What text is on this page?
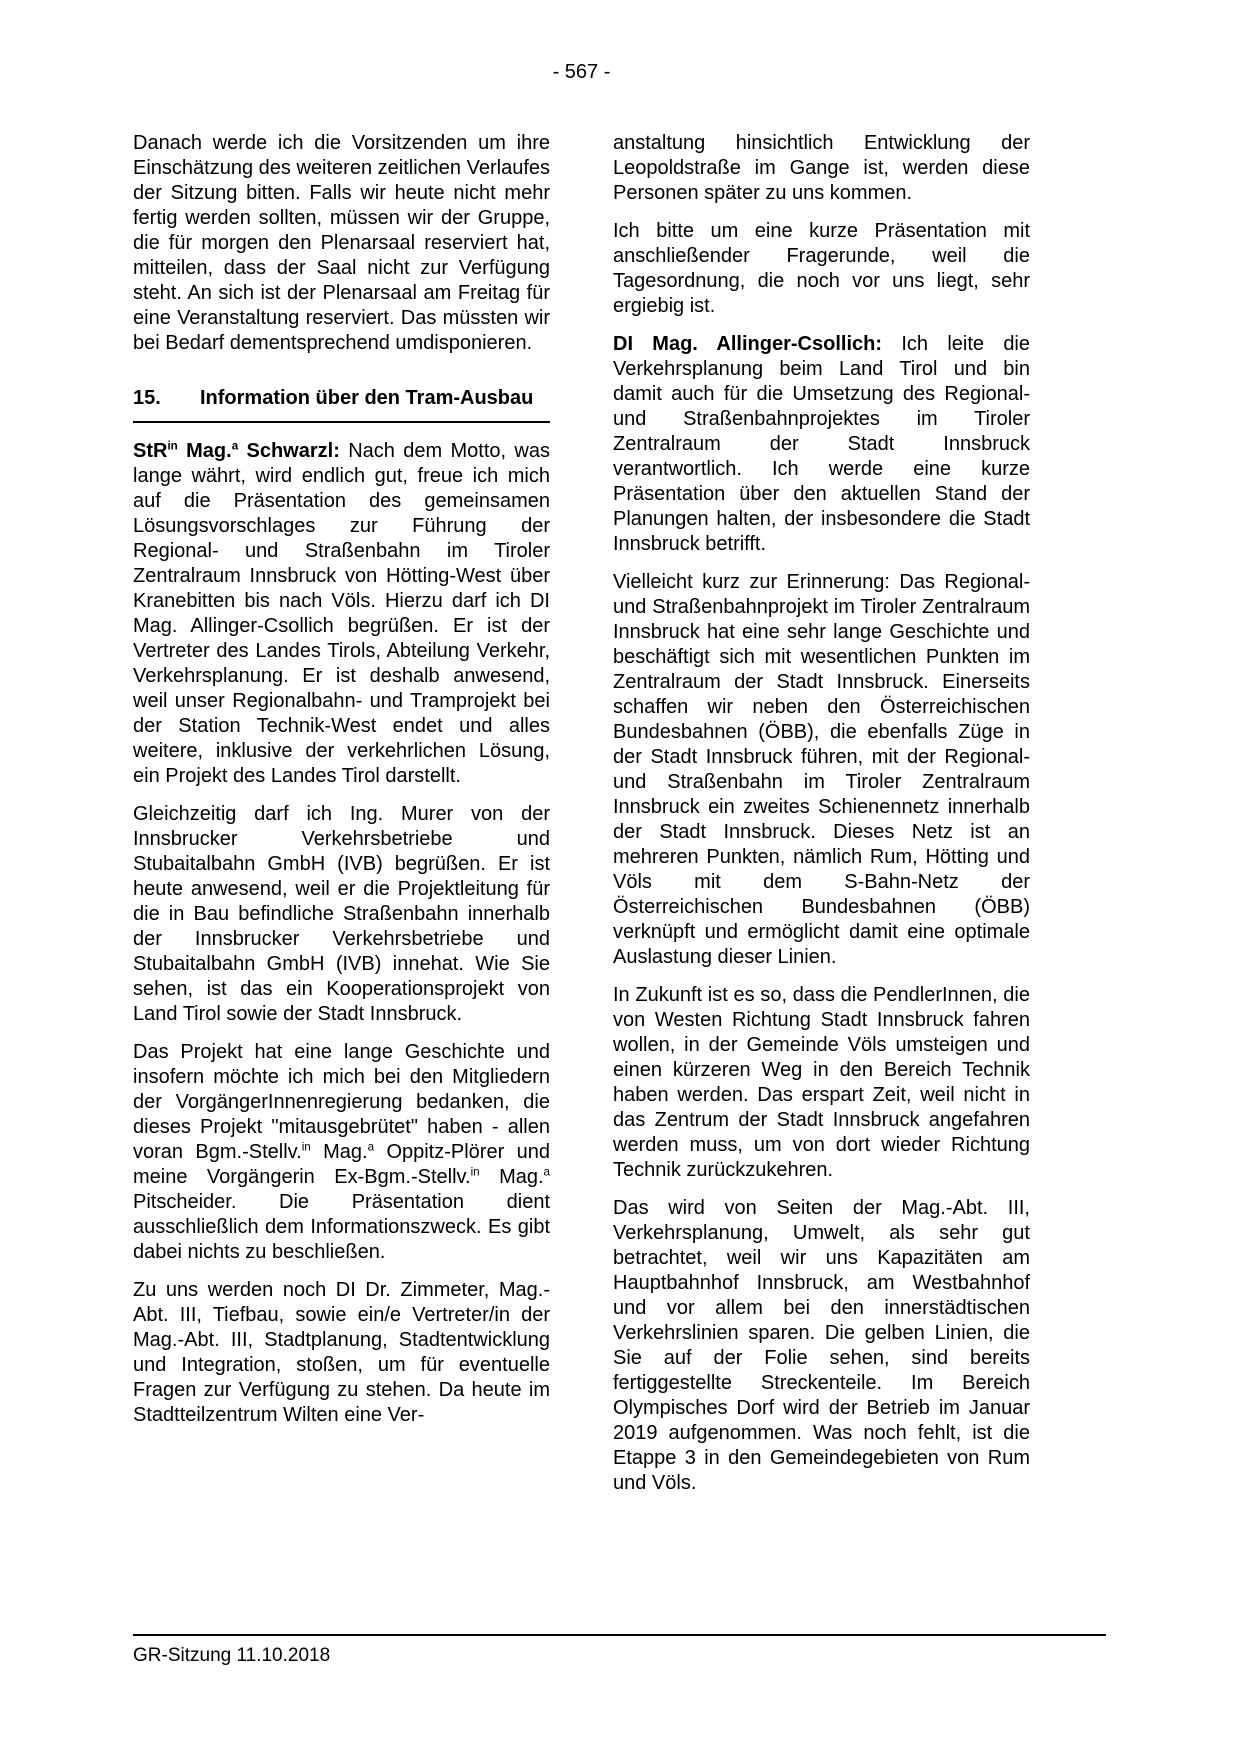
- 567 -

Danach werde ich die Vorsitzenden um ihre Einschätzung des weiteren zeitlichen Verlaufes der Sitzung bitten. Falls wir heute nicht mehr fertig werden sollten, müssen wir der Gruppe, die für morgen den Plenarsaal reserviert hat, mitteilen, dass der Saal nicht zur Verfügung steht. An sich ist der Plenarsaal am Freitag für eine Veranstaltung reserviert. Das müssten wir bei Bedarf dementsprechend umdisponieren.

15.	Information über den Tram-Ausbau

StR$^{in}$ Mag.$^a$ Schwarzl: Nach dem Motto, was lange währt, wird endlich gut, freue ich mich auf die Präsentation des gemeinsamen Lösungsvorschlages zur Führung der Regional- und Straßenbahn im Tiroler Zentralraum Innsbruck von Hötting-West über Kranebitten bis nach Völs. Hierzu darf ich DI Mag. Allinger-Csollich begrüßen. Er ist der Vertreter des Landes Tirols, Abteilung Verkehr, Verkehrsplanung. Er ist deshalb anwesend, weil unser Regionalbahn- und Tramprojekt bei der Station Technik-West endet und alles weitere, inklusive der verkehrlichen Lösung, ein Projekt des Landes Tirol darstellt.

Gleichzeitig darf ich Ing. Murer von der Innsbrucker Verkehrsbetriebe und Stubaitalbahn GmbH (IVB) begrüßen. Er ist heute anwesend, weil er die Projektleitung für die in Bau befindliche Straßenbahn innerhalb der Innsbrucker Verkehrsbetriebe und Stubaitalbahn GmbH (IVB) innehat. Wie Sie sehen, ist das ein Kooperationsprojekt von Land Tirol sowie der Stadt Innsbruck.

Das Projekt hat eine lange Geschichte und insofern möchte ich mich bei den Mitgliedern der VorgängerInnenregierung bedanken, die dieses Projekt "mitausgebrütet" haben - allen voran Bgm.-Stellv.$^{in}$ Mag.$^a$ Oppitz-Plörer und meine Vorgängerin Ex-Bgm.-Stellv.$^{in}$ Mag.$^a$ Pitscheider. Die Präsentation dient ausschließlich dem Informationszweck. Es gibt dabei nichts zu beschließen.

Zu uns werden noch DI Dr. Zimmeter, Mag.-Abt. III, Tiefbau, sowie ein/e Vertreter/in der Mag.-Abt. III, Stadtplanung, Stadtentwicklung und Integration, stoßen, um für eventuelle Fragen zur Verfügung zu stehen. Da heute im Stadtteilzentrum Wilten eine Ver-

anstaltung hinsichtlich Entwicklung der Leopoldstraße im Gange ist, werden diese Personen später zu uns kommen.

Ich bitte um eine kurze Präsentation mit anschließender Fragerunde, weil die Tagesordnung, die noch vor uns liegt, sehr ergiebig ist.

DI Mag. Allinger-Csollich: Ich leite die Verkehrsplanung beim Land Tirol und bin damit auch für die Umsetzung des Regional- und Straßenbahnprojektes im Tiroler Zentralraum der Stadt Innsbruck verantwortlich. Ich werde eine kurze Präsentation über den aktuellen Stand der Planungen halten, der insbesondere die Stadt Innsbruck betrifft.

Vielleicht kurz zur Erinnerung: Das Regional- und Straßenbahnprojekt im Tiroler Zentralraum Innsbruck hat eine sehr lange Geschichte und beschäftigt sich mit wesentlichen Punkten im Zentralraum der Stadt Innsbruck. Einerseits schaffen wir neben den Österreichischen Bundesbahnen (ÖBB), die ebenfalls Züge in der Stadt Innsbruck führen, mit der Regional- und Straßenbahn im Tiroler Zentralraum Innsbruck ein zweites Schienennetz innerhalb der Stadt Innsbruck. Dieses Netz ist an mehreren Punkten, nämlich Rum, Hötting und Völs mit dem S-Bahn-Netz der Österreichischen Bundesbahnen (ÖBB) verknüpft und ermöglicht damit eine optimale Auslastung dieser Linien.

In Zukunft ist es so, dass die PendlerInnen, die von Westen Richtung Stadt Innsbruck fahren wollen, in der Gemeinde Völs umsteigen und einen kürzeren Weg in den Bereich Technik haben werden. Das erspart Zeit, weil nicht in das Zentrum der Stadt Innsbruck angefahren werden muss, um von dort wieder Richtung Technik zurückzukehren.

Das wird von Seiten der Mag.-Abt. III, Verkehrsplanung, Umwelt, als sehr gut betrachtet, weil wir uns Kapazitäten am Hauptbahnhof Innsbruck, am Westbahnhof und vor allem bei den innerstädtischen Verkehrslinien sparen. Die gelben Linien, die Sie auf der Folie sehen, sind bereits fertiggestellte Streckenteile. Im Bereich Olympisches Dorf wird der Betrieb im Januar 2019 aufgenommen. Was noch fehlt, ist die Etappe 3 in den Gemeindegebieten von Rum und Völs.

GR-Sitzung 11.10.2018
